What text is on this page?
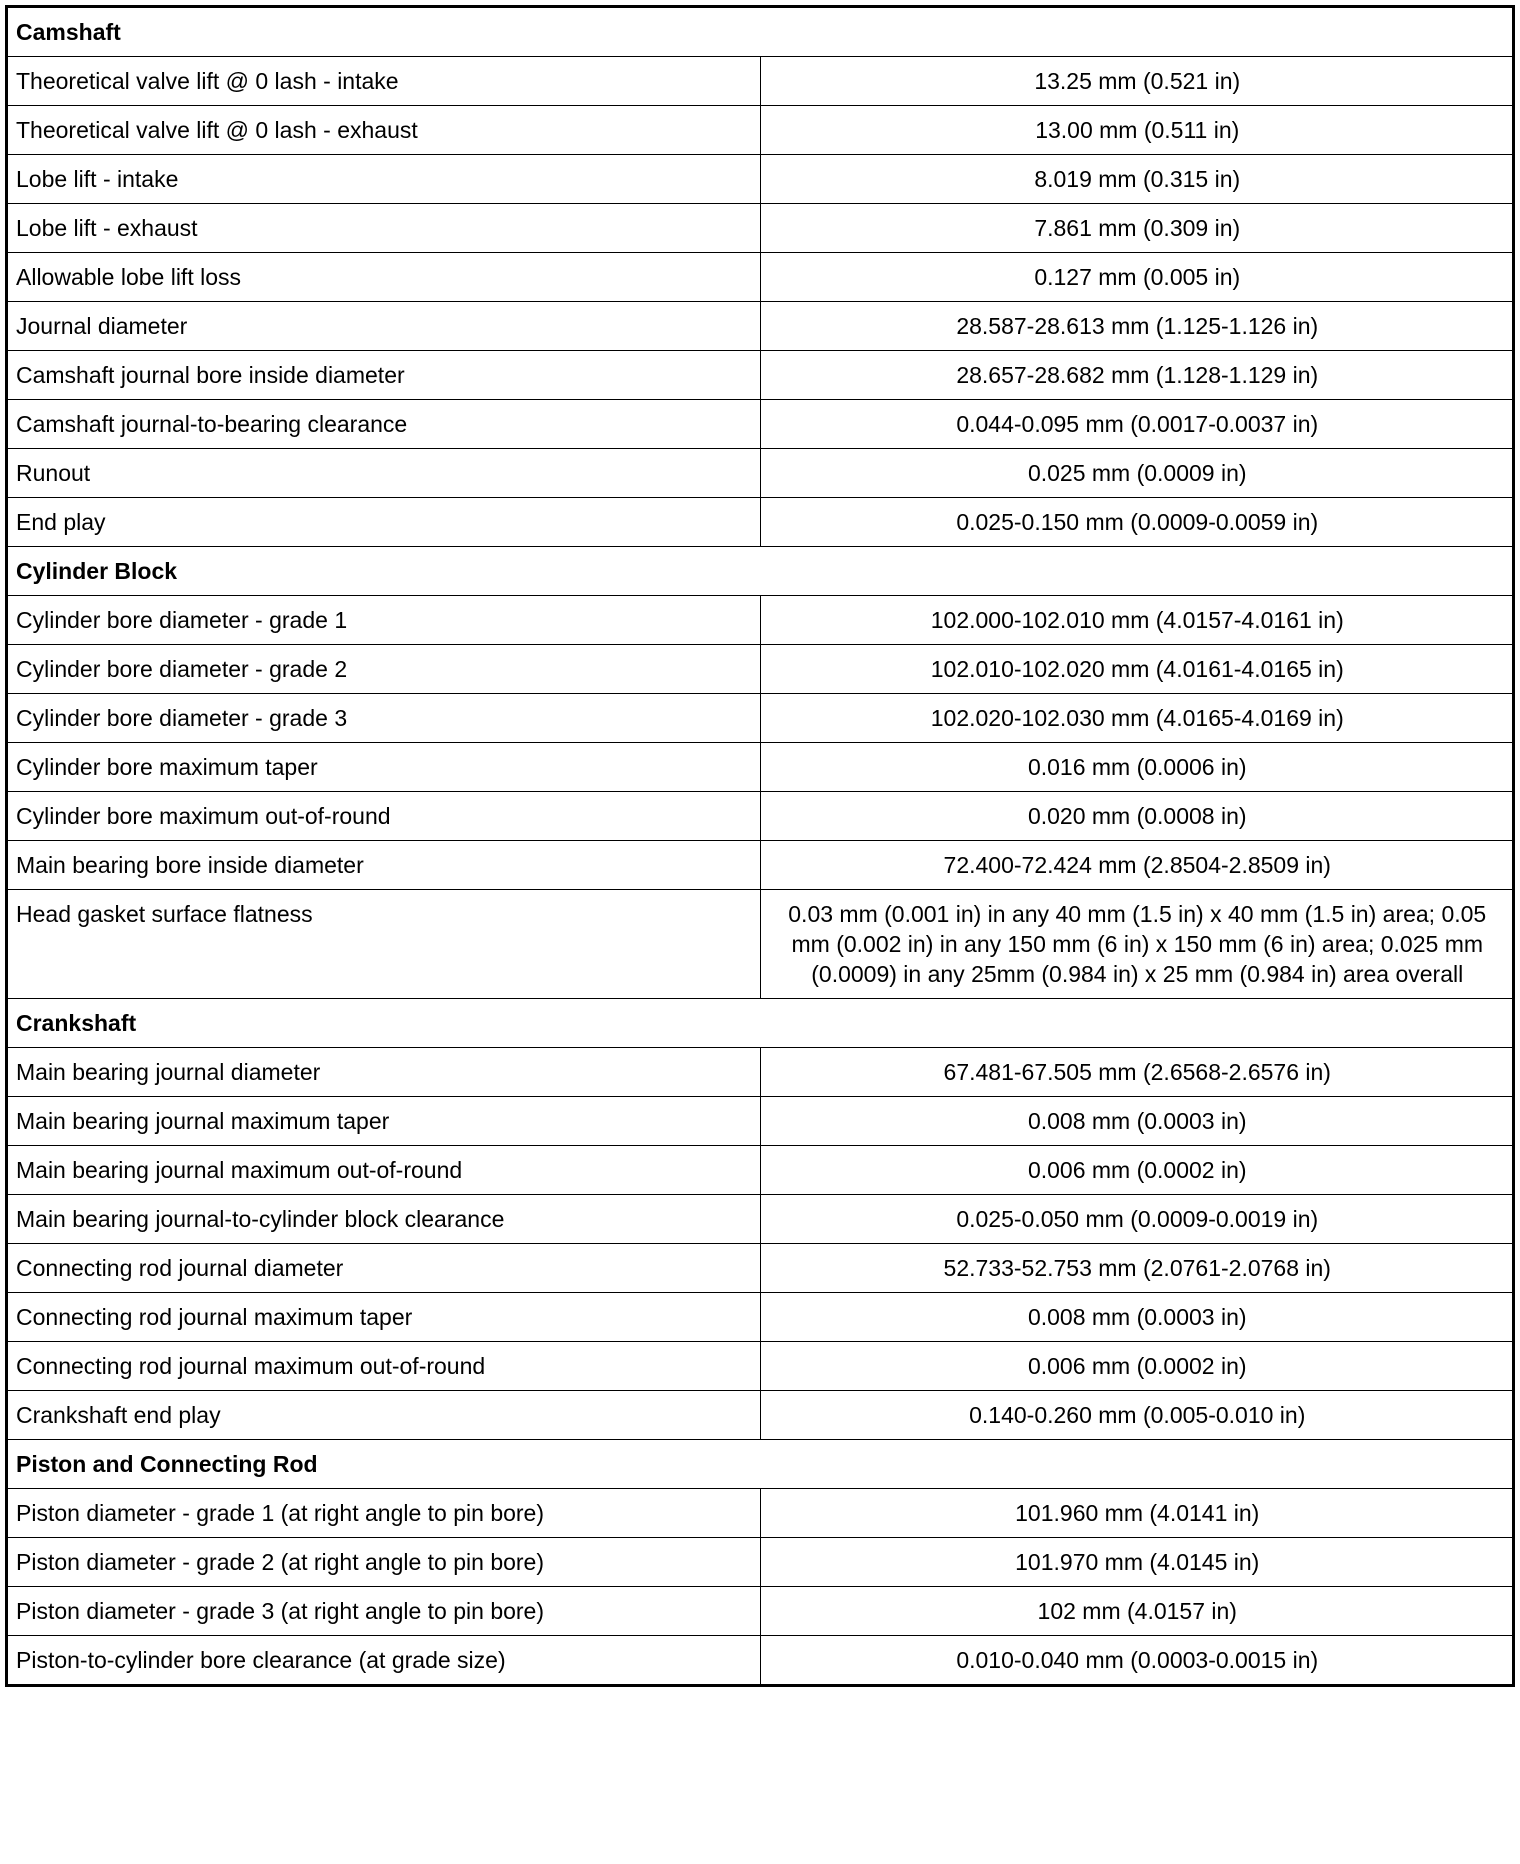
Camshaft	
Theoretical valve lift @ 0 lash - intake	13.25 mm (0.521 in)
Theoretical valve lift @ 0 lash - exhaust	13.00 mm (0.511 in)
Lobe lift - intake	8.019 mm (0.315 in)
Lobe lift - exhaust	7.861 mm (0.309 in)
Allowable lobe lift loss	0.127 mm (0.005 in)
Journal diameter	28.587-28.613 mm (1.125-1.126 in)
Camshaft journal bore inside diameter	28.657-28.682 mm (1.128-1.129 in)
Camshaft journal-to-bearing clearance	0.044-0.095 mm (0.0017-0.0037 in)
Runout	0.025 mm (0.0009 in)
End play	0.025-0.150 mm (0.0009-0.0059 in)
Cylinder Block	
Cylinder bore diameter - grade 1	102.000-102.010 mm (4.0157-4.0161 in)
Cylinder bore diameter - grade 2	102.010-102.020 mm (4.0161-4.0165 in)
Cylinder bore diameter - grade 3	102.020-102.030 mm (4.0165-4.0169 in)
Cylinder bore maximum taper	0.016 mm (0.0006 in)
Cylinder bore maximum out-of-round	0.020 mm (0.0008 in)
Main bearing bore inside diameter	72.400-72.424 mm (2.8504-2.8509 in)
Head gasket surface flatness	0.03 mm (0.001 in) in any 40 mm (1.5 in) x 40 mm (1.5 in) area; 0.05 mm (0.002 in) in any 150 mm (6 in) x 150 mm (6 in) area; 0.025 mm (0.0009) in any 25mm (0.984 in) x 25 mm (0.984 in) area overall
Crankshaft	
Main bearing journal diameter	67.481-67.505 mm (2.6568-2.6576 in)
Main bearing journal maximum taper	0.008 mm (0.0003 in)
Main bearing journal maximum out-of-round	0.006 mm (0.0002 in)
Main bearing journal-to-cylinder block clearance	0.025-0.050 mm (0.0009-0.0019 in)
Connecting rod journal diameter	52.733-52.753 mm (2.0761-2.0768 in)
Connecting rod journal maximum taper	0.008 mm (0.0003 in)
Connecting rod journal maximum out-of-round	0.006 mm (0.0002 in)
Crankshaft end play	0.140-0.260 mm (0.005-0.010 in)
Piston and Connecting Rod	
Piston diameter - grade 1 (at right angle to pin bore)	101.960 mm (4.0141 in)
Piston diameter - grade 2 (at right angle to pin bore)	101.970 mm (4.0145 in)
Piston diameter - grade 3 (at right angle to pin bore)	102 mm (4.0157 in)
Piston-to-cylinder bore clearance (at grade size)	0.010-0.040 mm (0.0003-0.0015 in)
